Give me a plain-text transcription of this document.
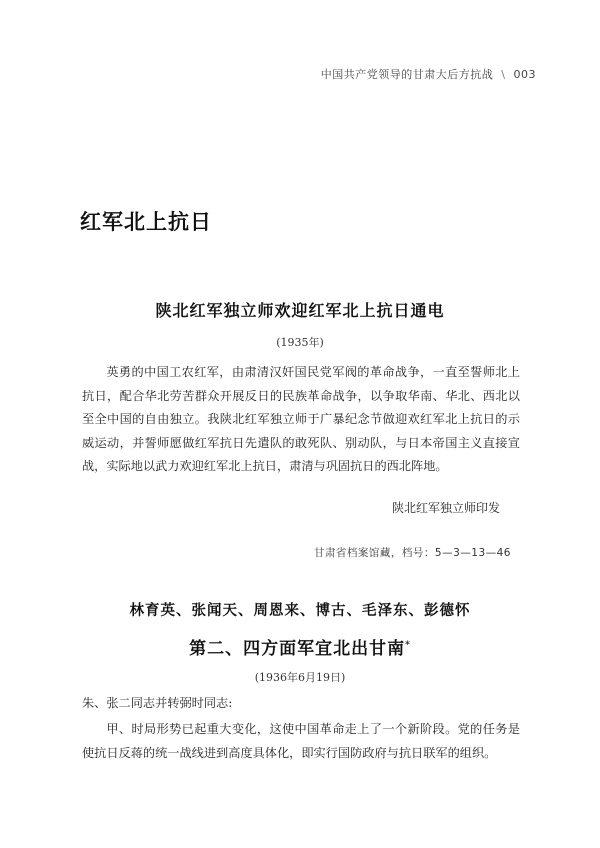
中国共产党领导的甘肃大后方抗战 \ 003
红军北上抗日
陕北红军独立师欢迎红军北上抗日通电
(1935年)
英勇的中国工农红军，由肃清汉奸国民党军阀的革命战争，一直至誓师北上抗日，配合华北劳苦群众开展反日的民族革命战争，以争取华南、华北、西北以至全中国的自由独立。我陕北红军独立师于广暴纪念节做迎欢红军北上抗日的示威运动，并誓师愿做红军抗日先遣队的敢死队、别动队，与日本帝国主义直接宣战，实际地以武力欢迎红军北上抗日，肃清与巩固抗日的西北阵地。
陕北红军独立师印发
甘肃省档案馆藏，档号：5—3—13—46
林育英、张闻天、周恩来、博古、毛泽东、彭德怀
第二、四方面军宜北出甘南*
(1936年6月19日)
朱、张二同志并转弼时同志:
甲、时局形势已起重大变化，这使中国革命走上了一个新阶段。党的任务是使抗日反蒋的统一战线进到高度具体化，即实行国防政府与抗日联军的组织。
